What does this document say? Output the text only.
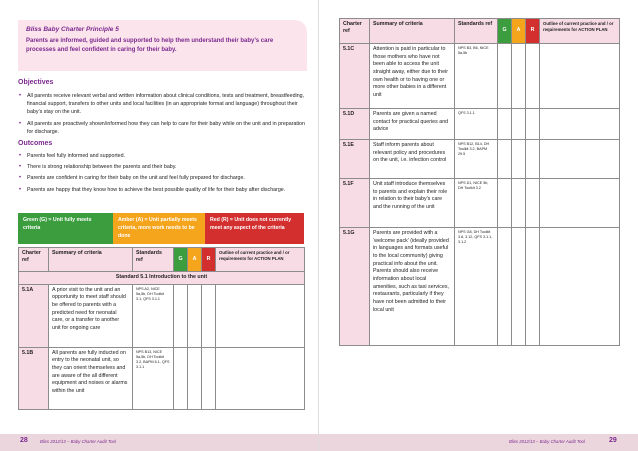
Bliss Baby Charter Principle 5
Parents are informed, guided and supported to help them understand their baby’s care processes and feel confident in caring for their baby.
Objectives
• All parents receive relevant verbal and written information about clinical conditions, tests and treatment, breastfeeding, financial support, transfers to other units and local facilities (in an appropriate format and language) throughout their baby’s stay on the unit.
• All parents are proactively shown/informed how they can help to care for their baby while on the unit and in preparation for discharge.
Outcomes
• Parents feel fully informed and supported.
• There is strong relationship between the parents and their baby.
• Parents are confident in caring for their baby on the unit and feel fully prepared for discharge.
• Parents are happy that they know how to achieve the best possible quality of life for their baby after discharge.
Green (G) = Unit fully meets criteria
Amber (A) = Unit partially meets criteria, more work needs to be done
Red (R) = Unit does not currently meet any aspect of the criteria
Charter ref	Summary of criteria	Standards ref	G	A	R	Outline of current practice and / or requirements for ACTION PLAN
Standard 5.1 Introduction to the unit						
5.1A	A prior visit to the unit and an opportunity to meet staff should be offered to parents with a predicted need for neonatal care, or a transfer to another unit for ongoing care	NPS A2, NICE 5a,5b, DH Toolkit 3.1, QFS 3.1.1				
5.1B	All parents are fully inducted on entry to the neonatal unit, so they can orient themselves and are aware of the all different equipment and noises or alarms within the unit	NPS B13, NICE 5a,5b, DH Toolkit 3.2, BAPM 6.1, QFS 3.1.1				
28	Bliss 2012/13 – Baby Charter Audit Tool
Charter ref	Summary of criteria	Standards ref	G	A	R	Outline of current practice and / or requirements for ACTION PLAN
5.1C	Attention is paid in particular to those mothers who have not been able to access the unit straight away, either due to their own health or to having one or more other babies in a different unit	NPS B3, B6, NICE 5a,5b				
5.1D	Parents are given a named contact for practical queries and advice	QFS 3.1.1				
5.1E	Staff inform parents about relevant policy and procedures on the unit, i.e. infection control	NPS B12, B14, DH Toolkit 3.2, BAPM 29.5				
5.1F	Unit staff introduce themselves to parents and explain their role in relation to their baby’s care and the running of the unit	NPS D1, NICE 5b, DH Toolkit 3.2				
5.1G	Parents are provided with a ‘welcome pack’ (ideally provided in languages and formats useful to the local community) giving practical info about the unit. Parents should also receive information about local amenities, such as taxi services, restaurants, particularly if they have not been admitted to their local unit	NPS G8, DH Toolkit 3.8, 3.12, QFS 3.1.1, 3.1.2				
Bliss 2012/13 – Baby Charter Audit Tool	29
